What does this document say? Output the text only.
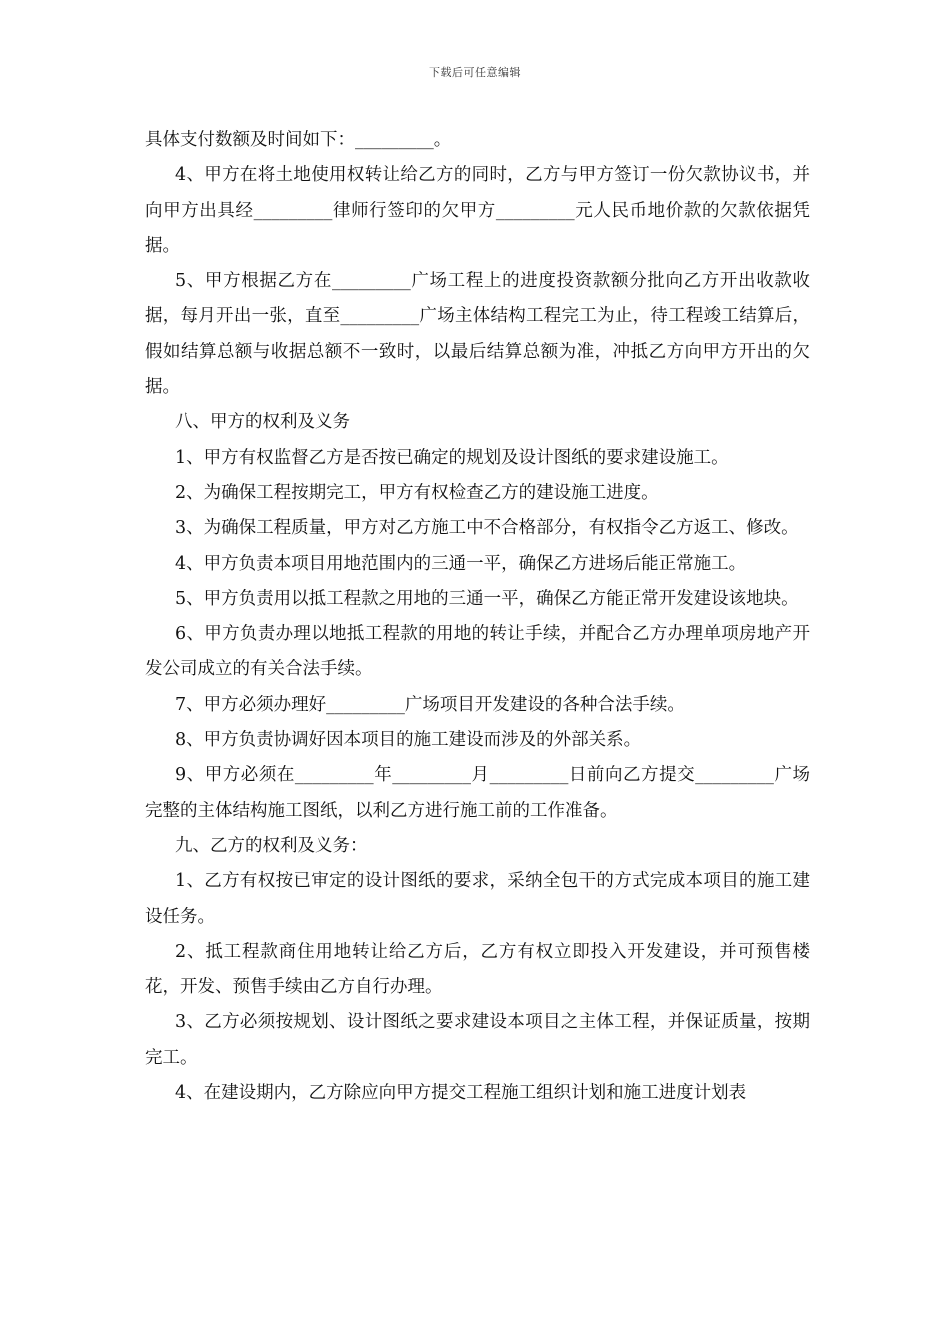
下载后可任意编辑

具体支付数额及时间如下：_________。

4、甲方在将土地使用权转让给乙方的同时，乙方与甲方签订一份欠款协议书，并向甲方出具经_________律师行签印的欠甲方_________元人民币地价款的欠款依据凭据。

5、甲方根据乙方在_________广场工程上的进度投资款额分批向乙方开出收款收据，每月开出一张，直至_________广场主体结构工程完工为止，待工程竣工结算后，假如结算总额与收据总额不一致时，以最后结算总额为准，冲抵乙方向甲方开出的欠据。

八、甲方的权利及义务

1、甲方有权监督乙方是否按已确定的规划及设计图纸的要求建设施工。

2、为确保工程按期完工，甲方有权检查乙方的建设施工进度。

3、为确保工程质量，甲方对乙方施工中不合格部分，有权指令乙方返工、修改。

4、甲方负责本项目用地范围内的三通一平，确保乙方进场后能正常施工。

5、甲方负责用以抵工程款之用地的三通一平，确保乙方能正常开发建设该地块。

6、甲方负责办理以地抵工程款的用地的转让手续，并配合乙方办理单项房地产开发公司成立的有关合法手续。

7、甲方必须办理好_________广场项目开发建设的各种合法手续。

8、甲方负责协调好因本项目的施工建设而涉及的外部关系。

9、甲方必须在_________年_________月_________日前向乙方提交_________广场完整的主体结构施工图纸，以利乙方进行施工前的工作准备。

九、乙方的权利及义务：

1、乙方有权按已审定的设计图纸的要求，采纳全包干的方式完成本项目的施工建设任务。

2、抵工程款商住用地转让给乙方后，乙方有权立即投入开发建设，并可预售楼花，开发、预售手续由乙方自行办理。

3、乙方必须按规划、设计图纸之要求建设本项目之主体工程，并保证质量，按期完工。

4、在建设期内，乙方除应向甲方提交工程施工组织计划和施工进度计划表
